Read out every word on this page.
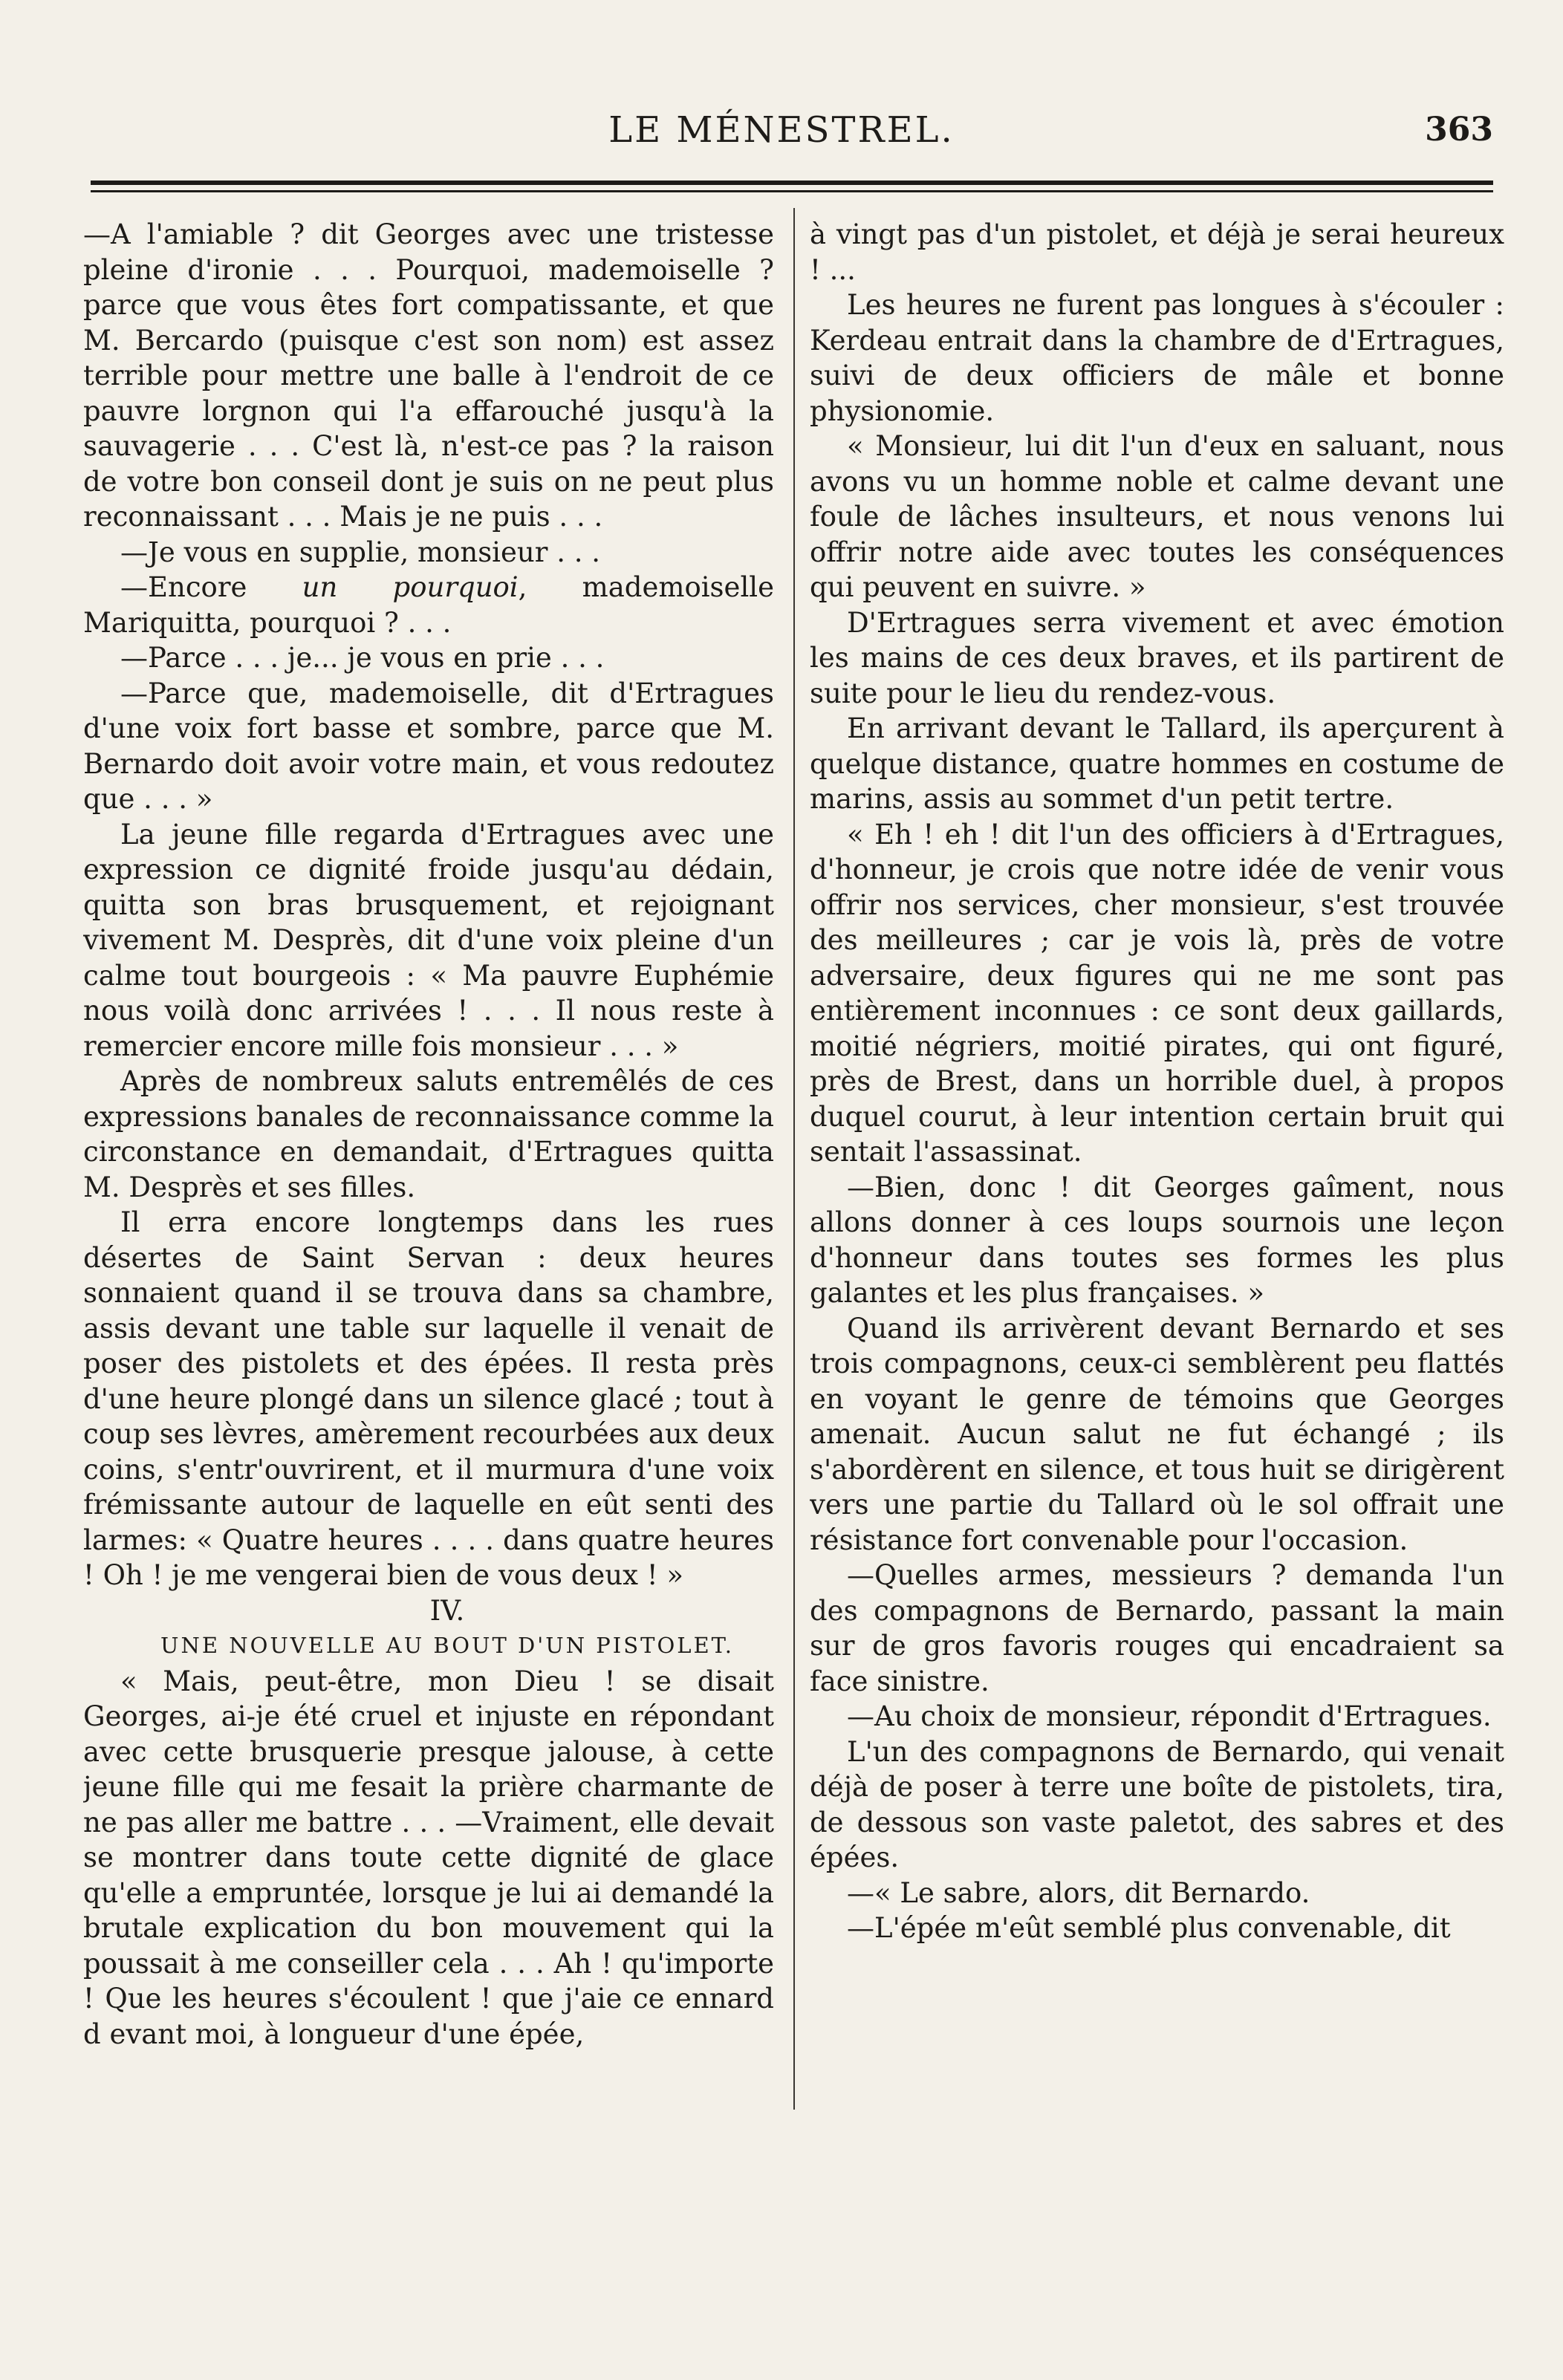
LE MÉNESTREL.	363

—A l'amiable ? dit Georges avec une tristesse pleine d'ironie . . . Pourquoi, mademoiselle ? parce que vous êtes fort compatissante, et que M. Bercardo (puisque c'est son nom) est assez terrible pour mettre une balle à l'endroit de ce pauvre lorgnon qui l'a effarouché jusqu'à la sauvagerie . . . C'est là, n'est-ce pas ? la raison de votre bon conseil dont je suis on ne peut plus reconnaissant . . . Mais je ne puis . . .

—Je vous en supplie, monsieur . . .

—Encore un pourquoi, mademoiselle Mariquitta, pourquoi ? . . .

—Parce . . . je... je vous en prie . . .

—Parce que, mademoiselle, dit d'Ertragues d'une voix fort basse et sombre, parce que M. Bernardo doit avoir votre main, et vous redoutez que . . . »

La jeune fille regarda d'Ertragues avec une expression ce dignité froide jusqu'au dédain, quitta son bras brusquement, et rejoignant vivement M. Desprès, dit d'une voix pleine d'un calme tout bourgeois : « Ma pauvre Euphémie nous voilà donc arrivées ! . . . Il nous reste à remercier encore mille fois monsieur . . . »

Après de nombreux saluts entremêlés de ces expressions banales de reconnaissance comme la circonstance en demandait, d'Ertragues quitta M. Desprès et ses filles.

Il erra encore longtemps dans les rues désertes de Saint Servan : deux heures sonnaient quand il se trouva dans sa chambre, assis devant une table sur laquelle il venait de poser des pistolets et des épées. Il resta près d'une heure plongé dans un silence glacé ; tout à coup ses lèvres, amèrement recourbées aux deux coins, s'entr'ouvrirent, et il murmura d'une voix frémissante autour de laquelle en eût senti des larmes: « Quatre heures . . . . dans quatre heures ! Oh ! je me vengerai bien de vous deux ! »

IV.

UNE NOUVELLE AU BOUT D'UN PISTOLET.

« Mais, peut-être, mon Dieu ! se disait Georges, ai-je été cruel et injuste en répondant avec cette brusquerie presque jalouse, à cette jeune fille qui me fesait la prière charmante de ne pas aller me battre . . . —Vraiment, elle devait se montrer dans toute cette dignité de glace qu'elle a empruntée, lorsque je lui ai demandé la brutale explication du bon mouvement qui la poussait à me conseiller cela . . . Ah ! qu'importe ! Que les heures s'écoulent ! que j'aie ce ennard d evant moi, à longueur d'une épée,

à vingt pas d'un pistolet, et déjà je serai heureux ! ...

Les heures ne furent pas longues à s'écouler : Kerdeau entrait dans la chambre de d'Ertragues, suivi de deux officiers de mâle et bonne physionomie.

« Monsieur, lui dit l'un d'eux en saluant, nous avons vu un homme noble et calme devant une foule de lâches insulteurs, et nous venons lui offrir notre aide avec toutes les conséquences qui peuvent en suivre. »

D'Ertragues serra vivement et avec émotion les mains de ces deux braves, et ils partirent de suite pour le lieu du rendez-vous.

En arrivant devant le Tallard, ils aperçurent à quelque distance, quatre hommes en costume de marins, assis au sommet d'un petit tertre.

« Eh ! eh ! dit l'un des officiers à d'Ertragues, d'honneur, je crois que notre idée de venir vous offrir nos services, cher monsieur, s'est trouvée des meilleures ; car je vois là, près de votre adversaire, deux figures qui ne me sont pas entièrement inconnues : ce sont deux gaillards, moitié négriers, moitié pirates, qui ont figuré, près de Brest, dans un horrible duel, à propos duquel courut, à leur intention certain bruit qui sentait l'assassinat.

—Bien, donc ! dit Georges gaîment, nous allons donner à ces loups sournois une leçon d'honneur dans toutes ses formes les plus galantes et les plus françaises. »

Quand ils arrivèrent devant Bernardo et ses trois compagnons, ceux-ci semblèrent peu flattés en voyant le genre de témoins que Georges amenait. Aucun salut ne fut échangé ; ils s'abordèrent en silence, et tous huit se dirigèrent vers une partie du Tallard où le sol offrait une résistance fort convenable pour l'occasion.

—Quelles armes, messieurs ? demanda l'un des compagnons de Bernardo, passant la main sur de gros favoris rouges qui encadraient sa face sinistre.

—Au choix de monsieur, répondit d'Ertragues.

L'un des compagnons de Bernardo, qui venait déjà de poser à terre une boîte de pistolets, tira, de dessous son vaste paletot, des sabres et des épées.

—« Le sabre, alors, dit Bernardo.

—L'épée m'eût semblé plus convenable, dit
